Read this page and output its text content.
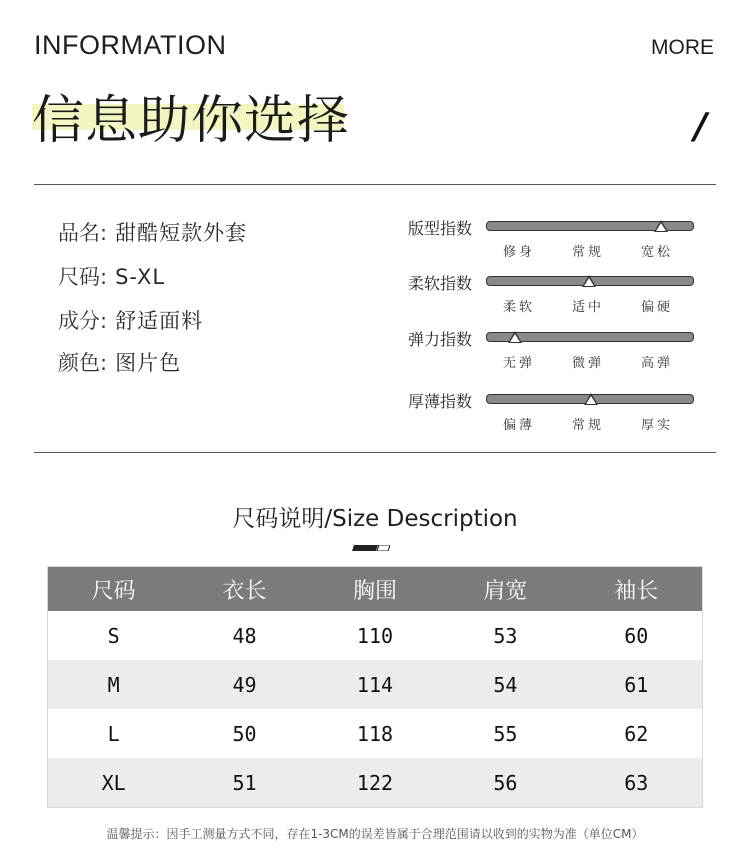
INFORMATION	MORE
信息助你选择	/
品名: 甜酷短款外套
尺码: S-XL
成分: 舒适面料
颜色: 图片色
版型指数
修身	常规	宽松
柔软指数
柔软	适中	偏硬
弹力指数
无弹	微弹	高弹
厚薄指数
偏薄	常规	厚实
尺码说明/Size Description
尺码	衣长	胸围	肩宽	袖长
S	48	110	53	60
M	49	114	54	61
L	50	118	55	62
XL	51	122	56	63
温馨提示：因手工测量方式不同，存在1-3CM的误差皆属于合理范围请以收到的实物为准（单位CM）
